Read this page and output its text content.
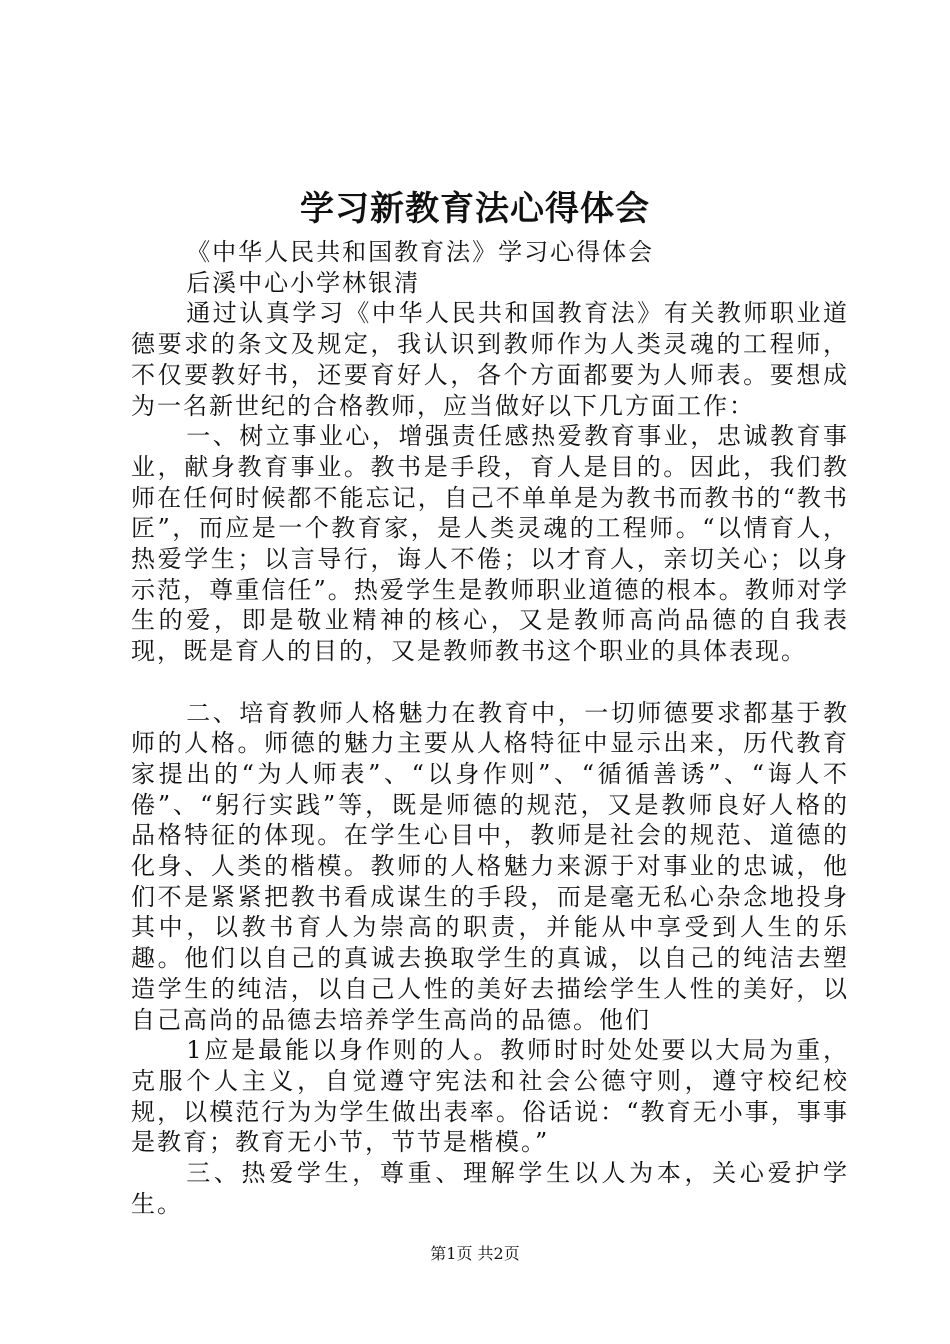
学习新教育法心得体会

《中华人民共和国教育法》学习心得体会

后溪中心小学林银清

通过认真学习《中华人民共和国教育法》有关教师职业道德要求的条文及规定，我认识到教师作为人类灵魂的工程师，不仅要教好书，还要育好人，各个方面都要为人师表。要想成为一名新世纪的合格教师，应当做好以下几方面工作：

一、树立事业心，增强责任感热爱教育事业，忠诚教育事业，献身教育事业。教书是手段，育人是目的。因此，我们教师在任何时候都不能忘记，自己不单单是为教书而教书的“教书匠”，而应是一个教育家，是人类灵魂的工程师。“以情育人，热爱学生；以言导行，诲人不倦；以才育人，亲切关心；以身示范，尊重信任”。热爱学生是教师职业道德的根本。教师对学生的爱，即是敬业精神的核心，又是教师高尚品德的自我表现，既是育人的目的，又是教师教书这个职业的具体表现。

二、培育教师人格魅力在教育中，一切师德要求都基于教师的人格。师德的魅力主要从人格特征中显示出来，历代教育家提出的“为人师表”、“以身作则”、“循循善诱”、“诲人不倦”、“躬行实践”等，既是师德的规范，又是教师良好人格的品格特征的体现。在学生心目中，教师是社会的规范、道德的化身、人类的楷模。教师的人格魅力来源于对事业的忠诚，他们不是紧紧把教书看成谋生的手段，而是毫无私心杂念地投身其中，以教书育人为崇高的职责，并能从中享受到人生的乐趣。他们以自己的真诚去换取学生的真诚，以自己的纯洁去塑造学生的纯洁，以自己人性的美好去描绘学生人性的美好，以自己高尚的品德去培养学生高尚的品德。他们

1应是最能以身作则的人。教师时时处处要以大局为重，克服个人主义，自觉遵守宪法和社会公德守则，遵守校纪校规，以模范行为为学生做出表率。俗话说：“教育无小事，事事是教育；教育无小节，节节是楷模。”

三、热爱学生，尊重、理解学生以人为本，关心爱护学生。

第1页 共2页
